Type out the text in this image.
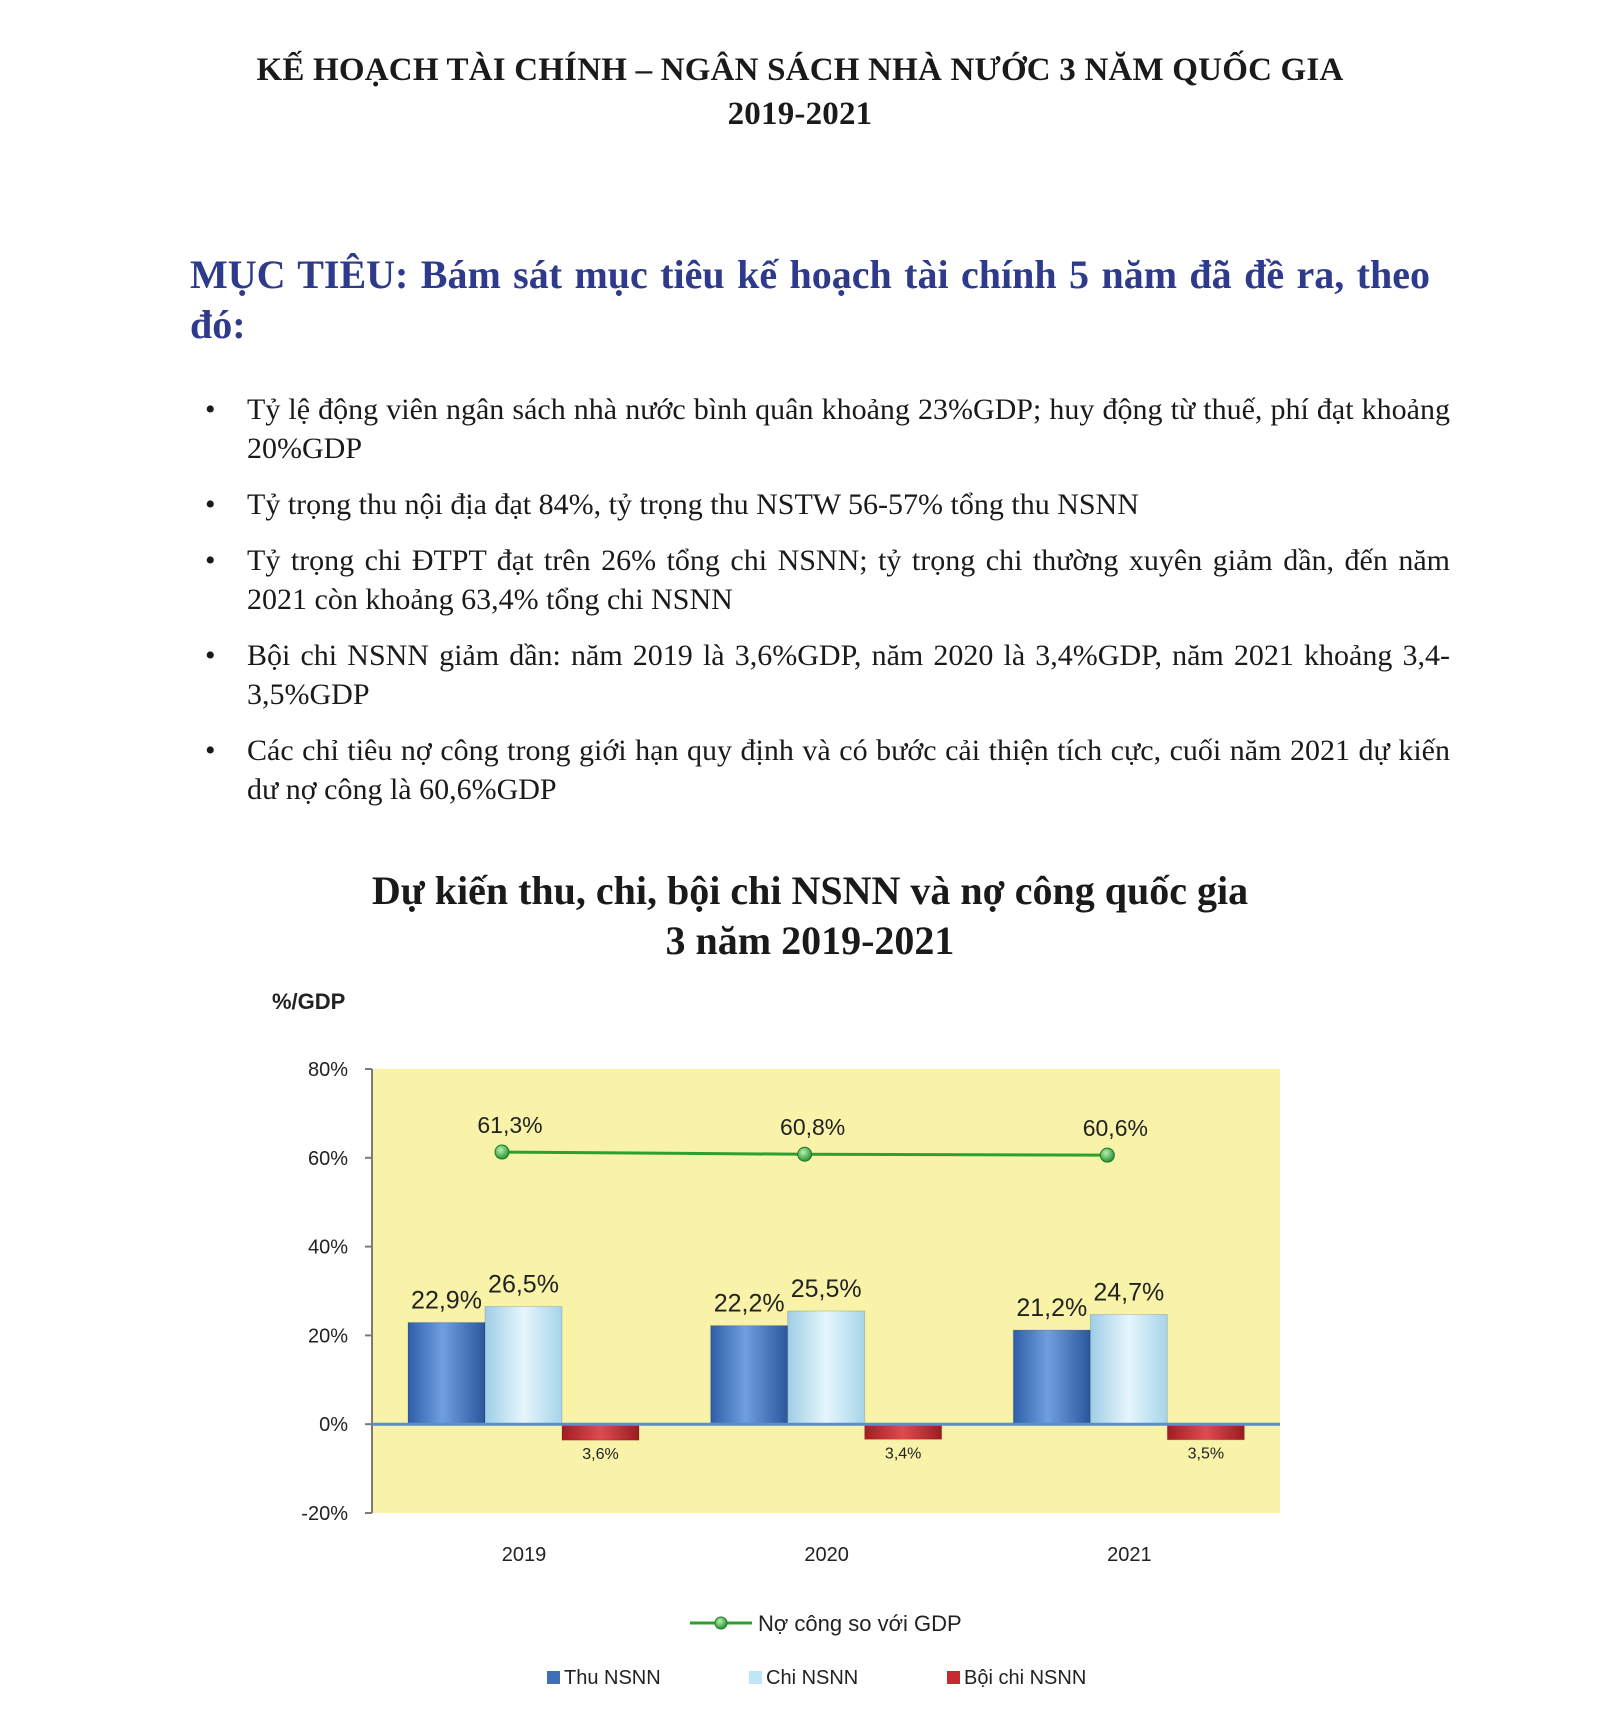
KẾ HOẠCH TÀI CHÍNH – NGÂN SÁCH NHÀ NƯỚC 3 NĂM QUỐC GIA
2019-2021
MỤC TIÊU: Bám sát mục tiêu kế hoạch tài chính 5 năm đã đề ra, theo đó:
•	Tỷ lệ động viên ngân sách nhà nước bình quân khoảng 23%GDP; huy động từ thuế, phí đạt khoảng 20%GDP
•	Tỷ trọng thu nội địa đạt 84%, tỷ trọng thu NSTW 56-57% tổng thu NSNN
•	Tỷ trọng chi ĐTPT đạt trên 26% tổng chi NSNN; tỷ trọng chi thường xuyên giảm dần, đến năm 2021 còn khoảng 63,4% tổng chi NSNN
•	Bội chi NSNN giảm dần: năm 2019 là 3,6%GDP, năm 2020 là 3,4%GDP, năm 2021 khoảng 3,4-3,5%GDP
•	Các chỉ tiêu nợ công trong giới hạn quy định và có bước cải thiện tích cực, cuối năm 2021 dự kiến dư nợ công là 60,6%GDP
Dự kiến thu, chi, bội chi NSNN và nợ công quốc gia
3 năm 2019-2021
%/GDP
-20%
0%
20%
40%
60%
80%
22,9%
26,5%
3,6%
2019
22,2%
25,5%
3,4%
2020
21,2%
24,7%
3,5%
2021
61,3%	60,8%	60,6%
Nợ công so với GDP
Thu NSNN	Chi NSNN	Bội chi NSNN
